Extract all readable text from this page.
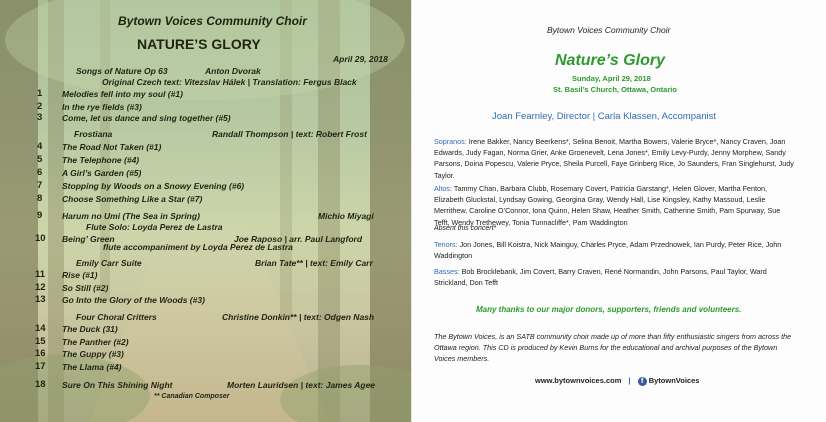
Bytown Voices Community Choir
NATURE’S GLORY
April 29, 2018
Songs of Nature Op 63	Anton Dvorak
Original Czech text: Vitezslav Hálek | Translation: Fergus Black
1 Melodies fell into my soul (#1)
2 In the rye fields (#3)
3 Come, let us dance and sing together (#5)
Frostiana	Randall Thompson | text: Robert Frost
4 The Road Not Taken (#1)
5 The Telephone (#4)
6 A Girl’s Garden (#5)
7 Stopping by Woods on a Snowy Evening (#6)
8 Choose Something Like a Star (#7)
9 Harum no Umi (The Sea in Spring)	Michio Miyagi
Flute Solo: Loyda Perez de Lastra
10 Being’ Green	Joe Raposo | arr. Paul Langford
flute accompaniment by Loyda Perez de Lastra
Emily Carr Suite	Brian Tate** | text: Emily Carr
11 Rise (#1)
12 So Still (#2)
13 Go Into the Glory of the Woods (#3)
Four Choral Critters	Christine Donkin** | text: Odgen Nash
14 The Duck (31)
15 The Panther (#2)
16 The Guppy (#3)
17 The Llama (#4)
18 Sure On This Shining Night	Morten Lauridsen | text: James Agee
** Canadian Composer
Bytown Voices Community Choir
Nature’s Glory
Sunday, April 29, 2018
St. Basil’s Church, Ottawa, Ontario
Joan Fearnley, Director | Carla Klassen, Accompanist
Sopranos: Irene Bakker, Nancy Beerkens*, Selina Benoit, Martha Bowers, Valerie Bryce*, Nancy Craven, Joan Edwards, Judy Fagan, Norma Grier, Anke Groenevelt, Lena Jones*, Emily Levy-Purdy, Jenny Morphew, Sandy Parsons, Doina Popescu, Valerie Pryce, Sheila Purcell, Faye Grinberg Rice, Jo Saunders, Fran Singlehurst, Judy Taylor.
Altos: Tammy Chan, Barbara Clubb, Rosemary Covert, Patricia Garstang*, Helen Glover, Martha Fenton, Elizabeth Gluckstal, Lyndsay Gowing, Georgina Gray, Wendy Hall, Lise Kingsley, Kathy Massoud, Leslie Merrithew, Caroline O’Connor, Iona Quinn, Helen Shaw, Heather Smith, Catherine Smith, Pam Spurway, Sue Tefft, Wendy Trethewey, Tonia Tunnacliffe*, Pam Waddington
Absent this concert*
Tenors: Jon Jones, Bill Koistra, Nick Mainguy, Charles Pryce, Adam Przednowek, Ian Purdy, Peter Rice, John Waddington
Basses: Bob Brocklebank, Jim Covert, Barry Craven, René Normandin, John Parsons, Paul Taylor, Ward Strickland, Don Tefft
Many thanks to our major donors, supporters, friends and volunteers.
The Bytown Voices, is an SATB community choir made up of more than fifty enthusiastic singers from across the Ottawa region. This CD is produced by Kevin Burns for the educational and archival purposes of the Bytown Voices members.
www.bytownvoices.com | f BytownVoices
